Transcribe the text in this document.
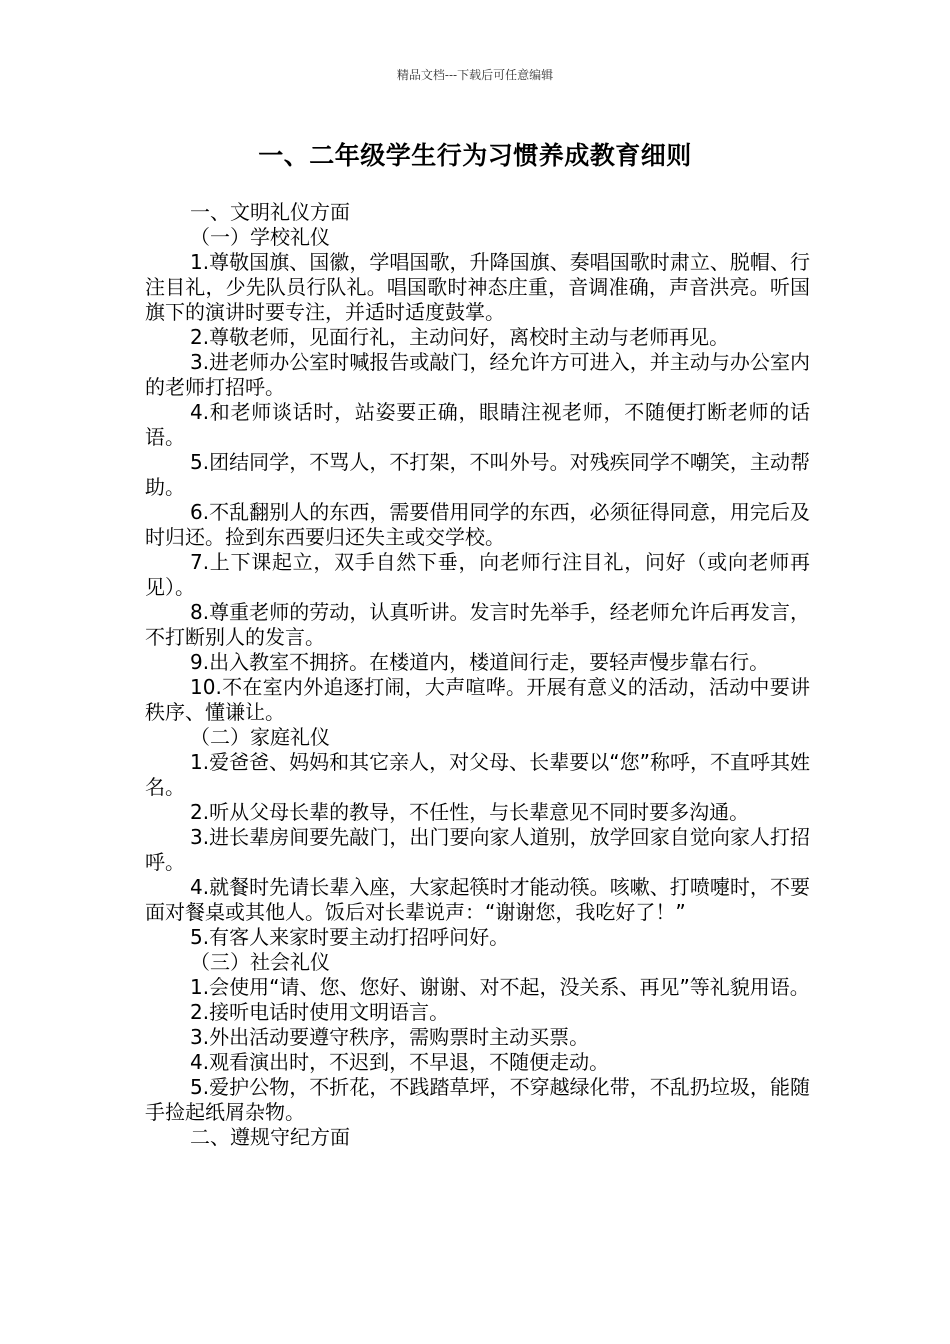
精品文档---下载后可任意编辑
一、二年级学生行为习惯养成教育细则
一、文明礼仪方面
（一）学校礼仪
1.尊敬国旗、国徽，学唱国歌，升降国旗、奏唱国歌时肃立、脱帽、行注目礼，少先队员行队礼。唱国歌时神态庄重，音调准确，声音洪亮。听国旗下的演讲时要专注，并适时适度鼓掌。
2.尊敬老师，见面行礼，主动问好，离校时主动与老师再见。
3.进老师办公室时喊报告或敲门，经允许方可进入，并主动与办公室内的老师打招呼。
4.和老师谈话时，站姿要正确，眼睛注视老师，不随便打断老师的话语。
5.团结同学，不骂人，不打架，不叫外号。对残疾同学不嘲笑，主动帮助。
6.不乱翻别人的东西，需要借用同学的东西，必须征得同意，用完后及时归还。捡到东西要归还失主或交学校。
7.上下课起立，双手自然下垂，向老师行注目礼，问好（或向老师再见）。
8.尊重老师的劳动，认真听讲。发言时先举手，经老师允许后再发言，不打断别人的发言。
9.出入教室不拥挤。在楼道内，楼道间行走，要轻声慢步靠右行。
10.不在室内外追逐打闹，大声喧哗。开展有意义的活动，活动中要讲秩序、懂谦让。
（二）家庭礼仪
1.爱爸爸、妈妈和其它亲人，对父母、长辈要以“您”称呼，不直呼其姓名。
2.听从父母长辈的教导，不任性，与长辈意见不同时要多沟通。
3.进长辈房间要先敲门，出门要向家人道别，放学回家自觉向家人打招呼。
4.就餐时先请长辈入座，大家起筷时才能动筷。咳嗽、打喷嚏时，不要面对餐桌或其他人。饭后对长辈说声：“谢谢您，我吃好了！”
5.有客人来家时要主动打招呼问好。
（三）社会礼仪
1.会使用“请、您、您好、谢谢、对不起，没关系、再见”等礼貌用语。
2.接听电话时使用文明语言。
3.外出活动要遵守秩序，需购票时主动买票。
4.观看演出时，不迟到，不早退，不随便走动。
5.爱护公物，不折花，不践踏草坪，不穿越绿化带，不乱扔垃圾，能随手捡起纸屑杂物。
二、遵规守纪方面
